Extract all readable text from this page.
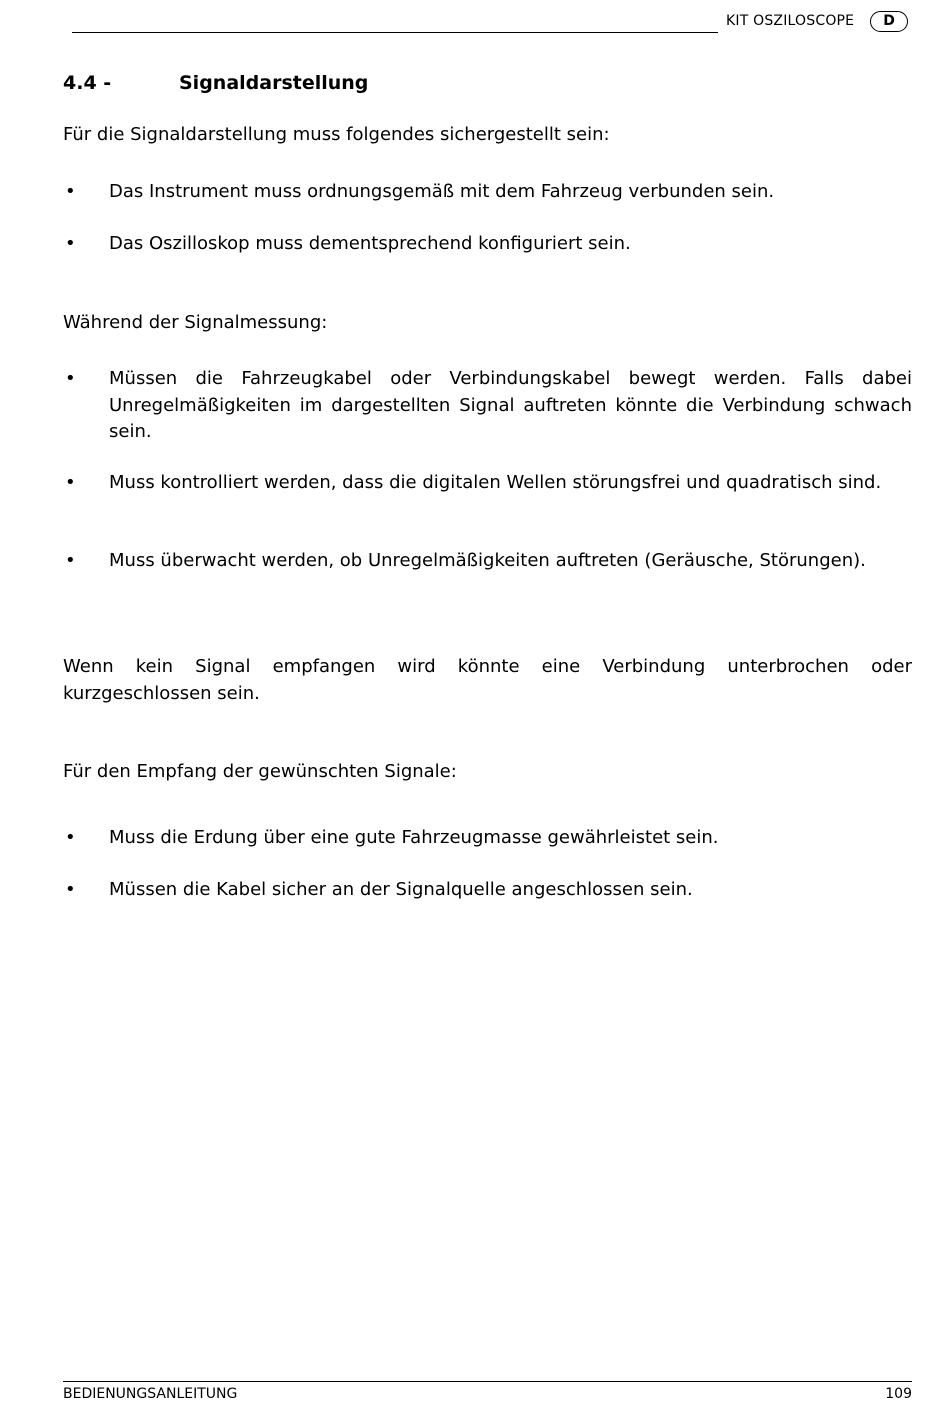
KIT OSZILOSCOPE	D
4.4 -	Signaldarstellung
Für die Signaldarstellung muss folgendes sichergestellt sein:
• Das Instrument muss ordnungsgemäß mit dem Fahrzeug verbunden sein.
• Das Oszilloskop muss dementsprechend konfiguriert sein.
Während der Signalmessung:
• Müssen die Fahrzeugkabel oder Verbindungskabel bewegt werden. Falls dabei Unregelmäßigkeiten im dargestellten Signal auftreten könnte die Verbindung schwach sein.
• Muss kontrolliert werden, dass die digitalen Wellen störungsfrei und quadratisch sind.
• Muss überwacht werden, ob Unregelmäßigkeiten auftreten (Geräusche, Störungen).
Wenn kein Signal empfangen wird könnte eine Verbindung unterbrochen oder kurzgeschlossen sein.
Für den Empfang der gewünschten Signale:
• Muss die Erdung über eine gute Fahrzeugmasse gewährleistet sein.
• Müssen die Kabel sicher an der Signalquelle angeschlossen sein.
BEDIENUNGSANLEITUNG	109
